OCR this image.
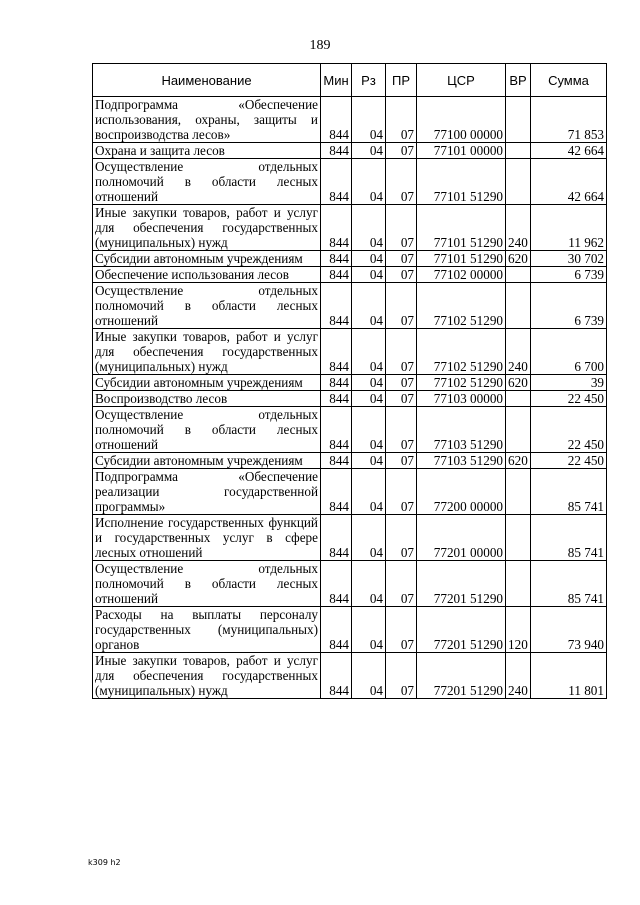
189
Наименование	Мин	Рз	ПР	ЦСР	ВР	Сумма
Подпрограмма «Обеспечение использования, охраны, защиты и воспроизводства лесов»	844	04	07	77100 00000		71 853
Охрана и защита лесов	844	04	07	77101 00000		42 664
Осуществление отдельных полномочий в области лесных отношений	844	04	07	77101 51290		42 664
Иные закупки товаров, работ и услуг для обеспечения государственных (муниципальных) нужд	844	04	07	77101 51290	240	11 962
Субсидии автономным учреждениям	844	04	07	77101 51290	620	30 702
Обеспечение использования лесов	844	04	07	77102 00000		6 739
Осуществление отдельных полномочий в области лесных отношений	844	04	07	77102 51290		6 739
Иные закупки товаров, работ и услуг для обеспечения государственных (муниципальных) нужд	844	04	07	77102 51290	240	6 700
Субсидии автономным учреждениям	844	04	07	77102 51290	620	39
Воспроизводство лесов	844	04	07	77103 00000		22 450
Осуществление отдельных полномочий в области лесных отношений	844	04	07	77103 51290		22 450
Субсидии автономным учреждениям	844	04	07	77103 51290	620	22 450
Подпрограмма «Обеспечение реализации государственной программы»	844	04	07	77200 00000		85 741
Исполнение государственных функций и государственных услуг в сфере лесных отношений	844	04	07	77201 00000		85 741
Осуществление отдельных полномочий в области лесных отношений	844	04	07	77201 51290		85 741
Расходы на выплаты персоналу государственных (муниципальных) органов	844	04	07	77201 51290	120	73 940
Иные закупки товаров, работ и услуг для обеспечения государственных (муниципальных) нужд	844	04	07	77201 51290	240	11 801
k309 h2
